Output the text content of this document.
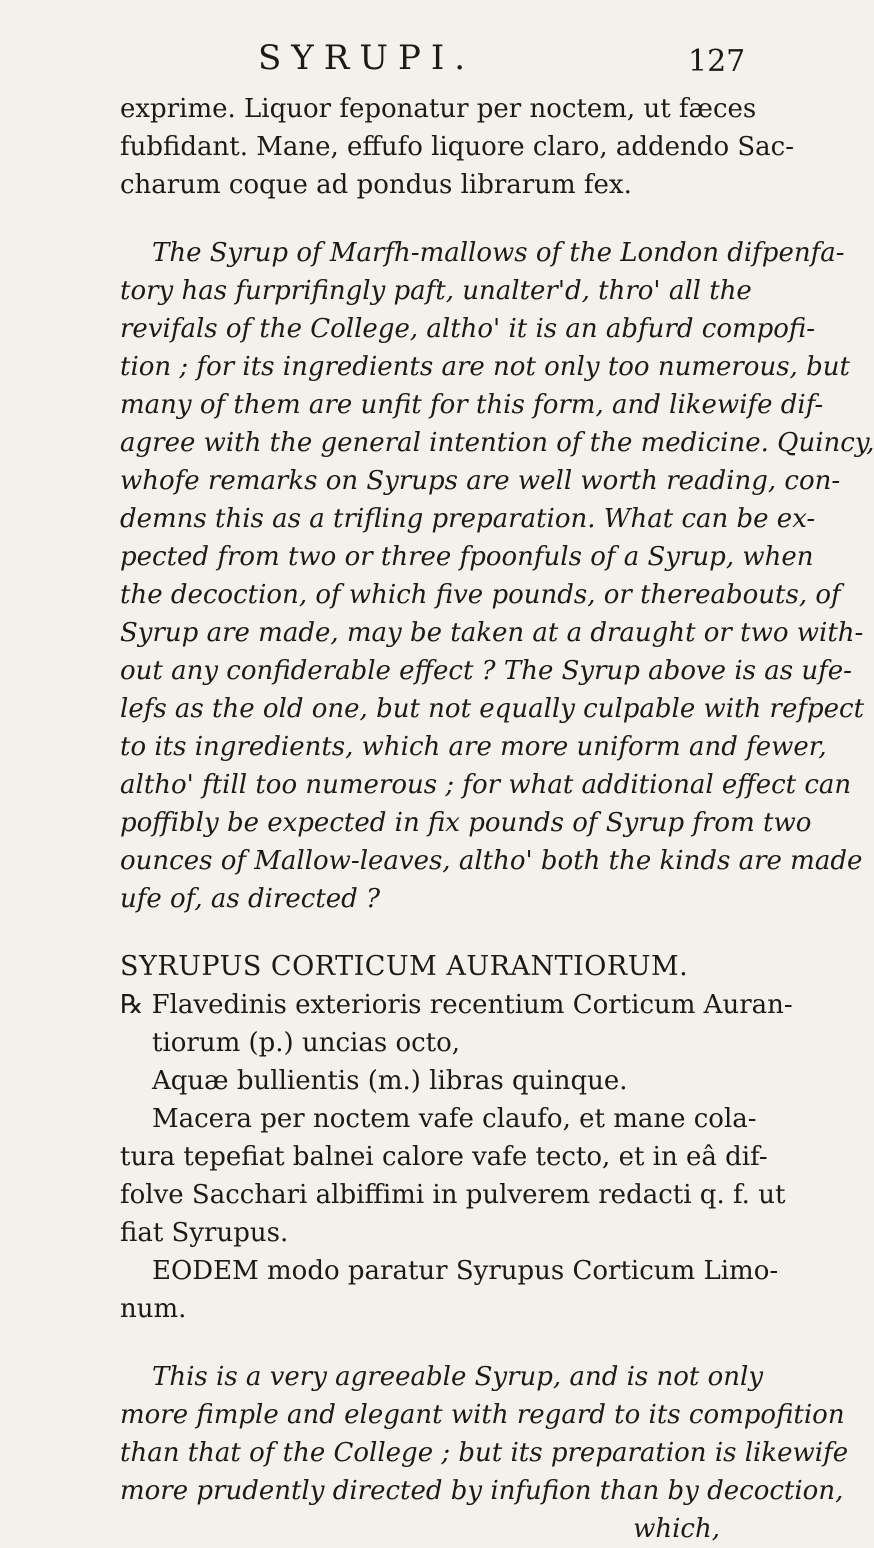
SYRUPI.	127
exprime. Liquor feponatur per noctem, ut fæces
fubfidant. Mane, effufo liquore claro, addendo Sac-
charum coque ad pondus librarum fex.
The Syrup of Marfh-mallows of the London difpenfa-
tory has furprifingly paft, unalter'd, thro' all the
revifals of the College, altho' it is an abfurd compofi-
tion ; for its ingredients are not only too numerous, but
many of them are unfit for this form, and likewife dif-
agree with the general intention of the medicine. Quincy,
whofe remarks on Syrups are well worth reading, con-
demns this as a trifling preparation. What can be ex-
pected from two or three fpoonfuls of a Syrup, when
the decoction, of which five pounds, or thereabouts, of
Syrup are made, may be taken at a draught or two with-
out any confiderable effect ? The Syrup above is as ufe-
lefs as the old one, but not equally culpable with refpect
to its ingredients, which are more uniform and fewer,
altho' ftill too numerous ; for what additional effect can
poffibly be expected in fix pounds of Syrup from two
ounces of Mallow-leaves, altho' both the kinds are made
ufe of, as directed ?
SYRUPUS CORTICUM AURANTIORUM.
℞ Flavedinis exterioris recentium Corticum Auran-
tiorum (p.) uncias octo,
Aquæ bullientis (m.) libras quinque.
Macera per noctem vafe claufo, et mane cola-
tura tepefiat balnei calore vafe tecto, et in eâ dif-
folve Sacchari albiffimi in pulverem redacti q. f. ut
fiat Syrupus.
EODEM modo paratur Syrupus Corticum Limo-
num.
This is a very agreeable Syrup, and is not only
more fimple and elegant with regard to its compofition
than that of the College ; but its preparation is likewife
more prudently directed by infufion than by decoction,
which,
